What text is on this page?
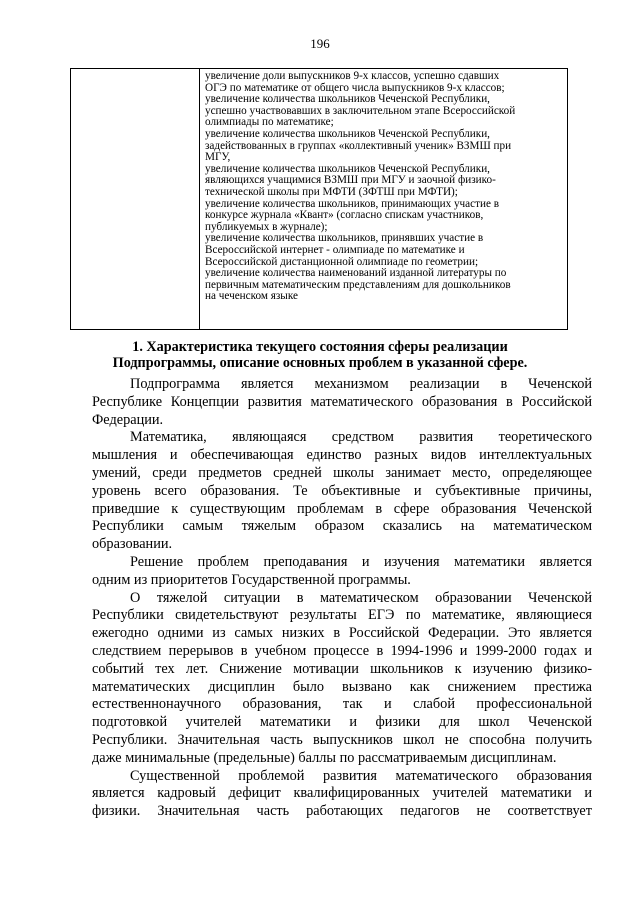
196
увеличение доли выпускников 9-х классов, успешно сдавших
ОГЭ по математике от общего числа выпускников 9-х классов;
увеличение количества школьников Чеченской Республики,
успешно участвовавших в заключительном этапе Всероссийской
олимпиады по математике;
увеличение количества школьников Чеченской Республики,
задействованных в группах «коллективный ученик» ВЗМШ при
МГУ,
увеличение количества школьников Чеченской Республики,
являющихся учащимися ВЗМШ при МГУ и заочной физико-
технической школы при МФТИ (ЗФТШ при МФТИ);
увеличение количества школьников, принимающих участие в
конкурсе журнала «Квант» (согласно спискам участников,
публикуемых в журнале);
увеличение количества школьников, принявших участие в
Всероссийской интернет - олимпиаде по математике и
Всероссийской дистанционной олимпиаде по геометрии;
увеличение количества наименований изданной литературы по
первичным математическим представлениям для дошкольников
на чеченском языке
1. Характеристика текущего состояния сферы реализации
Подпрограммы, описание основных проблем в указанной сфере.
Подпрограмма является механизмом реализации в Чеченской
Республике Концепции развития математического образования в Российской
Федерации.
Математика, являющаяся средством развития теоретического
мышления и обеспечивающая единство разных видов интеллектуальных
умений, среди предметов средней школы занимает место, определяющее
уровень всего образования. Те объективные и субъективные причины,
приведшие к существующим проблемам в сфере образования Чеченской
Республики самым тяжелым образом сказались на математическом
образовании.
Решение проблем преподавания и изучения математики является
одним из приоритетов Государственной программы.
О тяжелой ситуации в математическом образовании Чеченской
Республики свидетельствуют результаты ЕГЭ по математике, являющиеся
ежегодно одними из самых низких в Российской Федерации. Это является
следствием перерывов в учебном процессе в 1994-1996 и 1999-2000 годах и
событий тех лет. Снижение мотивации школьников к изучению физико-
математических дисциплин было вызвано как снижением престижа
естественнонаучного образования, так и слабой профессиональной
подготовкой учителей математики и физики для школ Чеченской
Республики. Значительная часть выпускников школ не способна получить
даже минимальные (предельные) баллы по рассматриваемым дисциплинам.
Существенной проблемой развития математического образования
является кадровый дефицит квалифицированных учителей математики и
физики. Значительная часть работающих педагогов не соответствует
